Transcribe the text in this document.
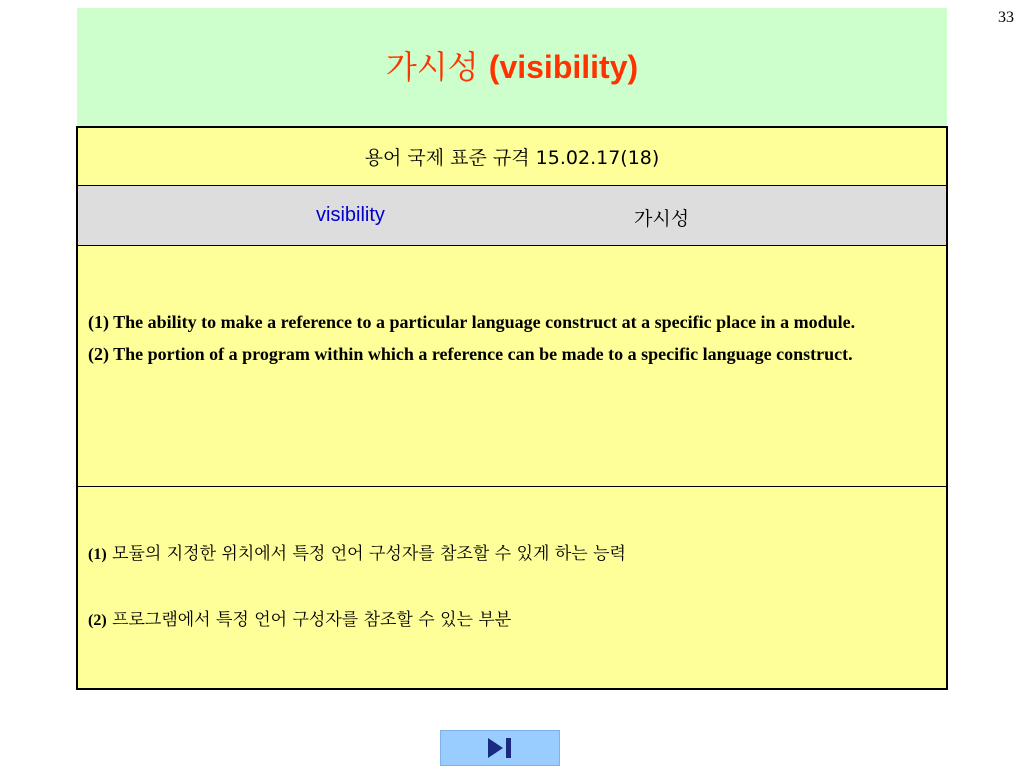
33
가시성 (visibility)
용어 국제 표준 규격 15.02.17(18)
visibility	가시성
(1) The ability to make a reference to a particular language construct at a specific place in a module.
(2) The portion of a program within which a reference can be made to a specific language construct.
(1) 모듈의 지정한 위치에서 특정 언어 구성자를 참조할 수 있게 하는 능력
(2) 프로그램에서 특정 언어 구성자를 참조할 수 있는 부분
